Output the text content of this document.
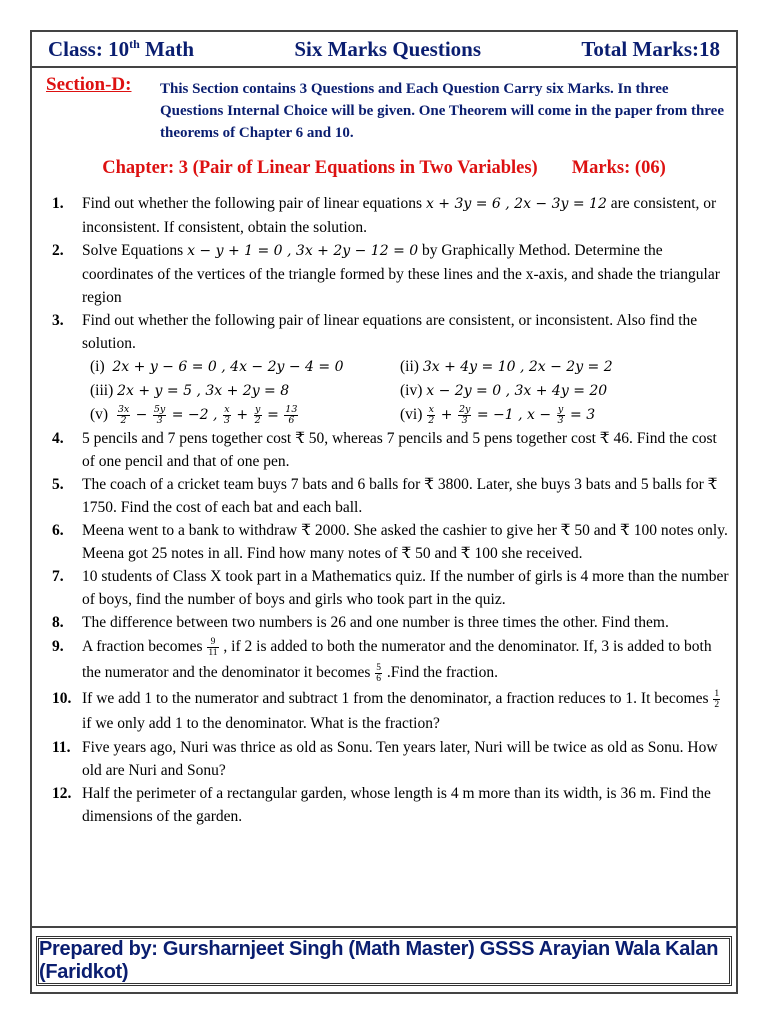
Class: 10th Math	Six Marks Questions	Total Marks:18
Section-D: This Section contains 3 Questions and Each Question Carry six Marks. In three Questions Internal Choice will be given. One Theorem will come in the paper from three theorems of Chapter 6 and 10.
Chapter: 3 (Pair of Linear Equations in Two Variables) Marks: (06)
1.	Find out whether the following pair of linear equations x + 3y = 6 , 2x − 3y = 12 are consistent, or inconsistent. If consistent, obtain the solution.
2.	Solve Equations x − y + 1 = 0 , 3x + 2y − 12 = 0 by Graphically Method. Determine the coordinates of the vertices of the triangle formed by these lines and the x-axis, and shade the triangular region
3.	Find out whether the following pair of linear equations are consistent, or inconsistent. Also find the solution.
(i) 2x + y − 6 = 0 , 4x − 2y − 4 = 0	(ii) 3x + 4y = 10 , 2x − 2y = 2
(iii) 2x + y = 5 , 3x + 2y = 8	(iv) x − 2y = 0 , 3x + 4y = 20
$(v) \frac{3x}{2} - \frac{5y}{3} = -2$ , $\frac{x}{3} + \frac{y}{2} = \frac{13}{6}$	$(vi) \frac{x}{2} + \frac{2y}{3} = -1$ , $x - \frac{y}{3} = 3$
4.	5 pencils and 7 pens together cost ₹ 50, whereas 7 pencils and 5 pens together cost ₹ 46. Find the cost of one pencil and that of one pen.
5.	The coach of a cricket team buys 7 bats and 6 balls for ₹ 3800. Later, she buys 3 bats and 5 balls for ₹ 1750. Find the cost of each bat and each ball.
6.	Meena went to a bank to withdraw ₹ 2000. She asked the cashier to give her ₹ 50 and ₹ 100 notes only. Meena got 25 notes in all. Find how many notes of ₹ 50 and ₹ 100 she received.
7.	10 students of Class X took part in a Mathematics quiz. If the number of girls is 4 more than the number of boys, find the number of boys and girls who took part in the quiz.
8.	The difference between two numbers is 26 and one number is three times the other. Find them.
9.	A fraction becomes $\frac{9}{11}$ , if 2 is added to both the numerator and the denominator. If, 3 is added to both the numerator and the denominator it becomes $\frac{5}{6}$ .Find the fraction.
10. If we add 1 to the numerator and subtract 1 from the denominator, a fraction reduces to 1. It becomes $\frac{1}{2}$
if we only add 1 to the denominator. What is the fraction?
11. Five years ago, Nuri was thrice as old as Sonu. Ten years later, Nuri will be twice as old as Sonu. How old are Nuri and Sonu?
12. Half the perimeter of a rectangular garden, whose length is 4 m more than its width, is 36 m. Find the dimensions of the garden.
Prepared by: Gursharnjeet Singh (Math Master) GSSS Arayian Wala Kalan (Faridkot)
